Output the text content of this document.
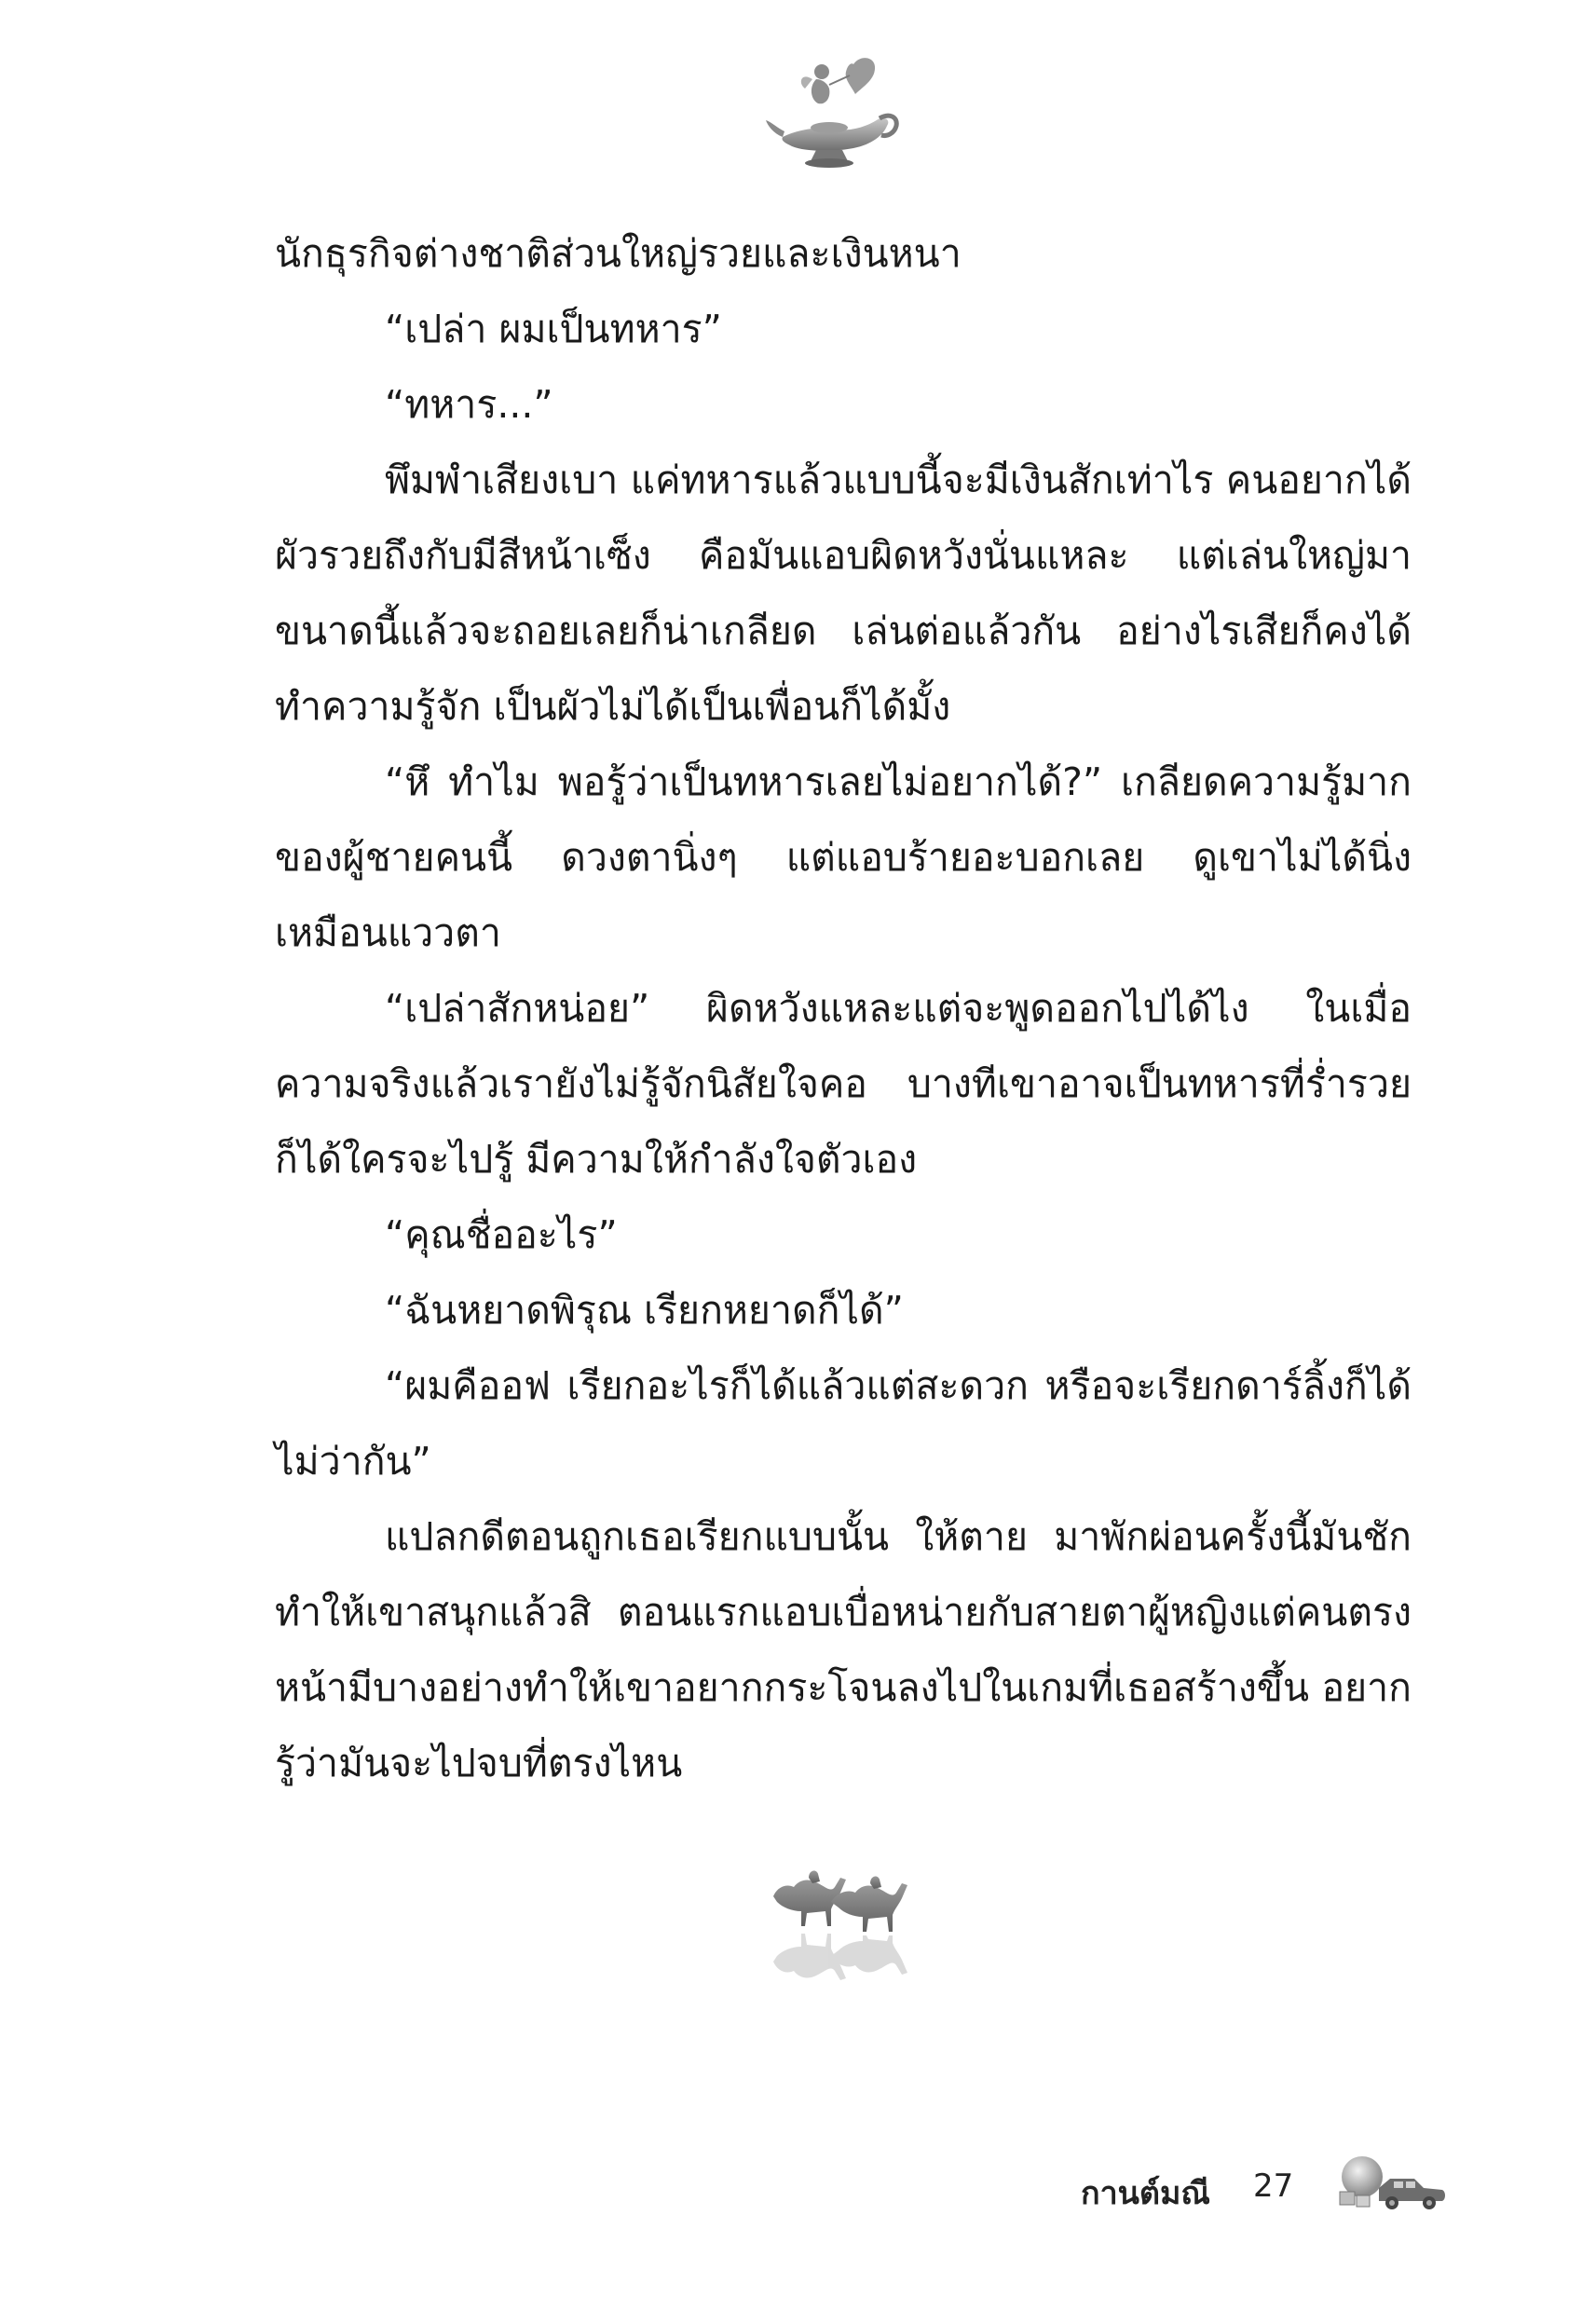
นักธุรกิจต่างชาติส่วนใหญ่รวยและเงินหนา

“เปล่า ผมเป็นทหาร”

“ทหาร...”

พึมพำเสียงเบา แค่ทหารแล้วแบบนี้จะมีเงินสักเท่าไร คนอยากได้ผัวรวยถึงกับมีสีหน้าเซ็ง คือมันแอบผิดหวังนั่นแหละ แต่เล่นใหญ่มาขนาดนี้แล้วจะถอยเลยก็น่าเกลียด เล่นต่อแล้วกัน อย่างไรเสียก็คงได้ทำความรู้จัก เป็นผัวไม่ได้เป็นเพื่อนก็ได้มั้ง

“หึ ทำไม พอรู้ว่าเป็นทหารเลยไม่อยากได้?” เกลียดความรู้มากของผู้ชายคนนี้ ดวงตานิ่งๆ แต่แอบร้ายอะบอกเลย ดูเขาไม่ได้นิ่งเหมือนแววตา

“เปล่าสักหน่อย” ผิดหวังแหละแต่จะพูดออกไปได้ไง ในเมื่อความจริงแล้วเรายังไม่รู้จักนิสัยใจคอ บางทีเขาอาจเป็นทหารที่ร่ำรวยก็ได้ใครจะไปรู้ มีความให้กำลังใจตัวเอง

“คุณชื่ออะไร”

“ฉันหยาดพิรุณ เรียกหยาดก็ได้”

“ผมคืออฟ เรียกอะไรก็ได้แล้วแต่สะดวก หรือจะเรียกดาร์ลิ้งก็ได้ไม่ว่ากัน”

แปลกดีตอนถูกเธอเรียกแบบนั้น ให้ตาย มาพักผ่อนครั้งนี้มันชักทำให้เขาสนุกแล้วสิ ตอนแรกแอบเบื่อหน่ายกับสายตาผู้หญิงแต่คนตรงหน้ามีบางอย่างทำให้เขาอยากกระโจนลงไปในเกมที่เธอสร้างขึ้น อยากรู้ว่ามันจะไปจบที่ตรงไหน

กานต์มณี 27
